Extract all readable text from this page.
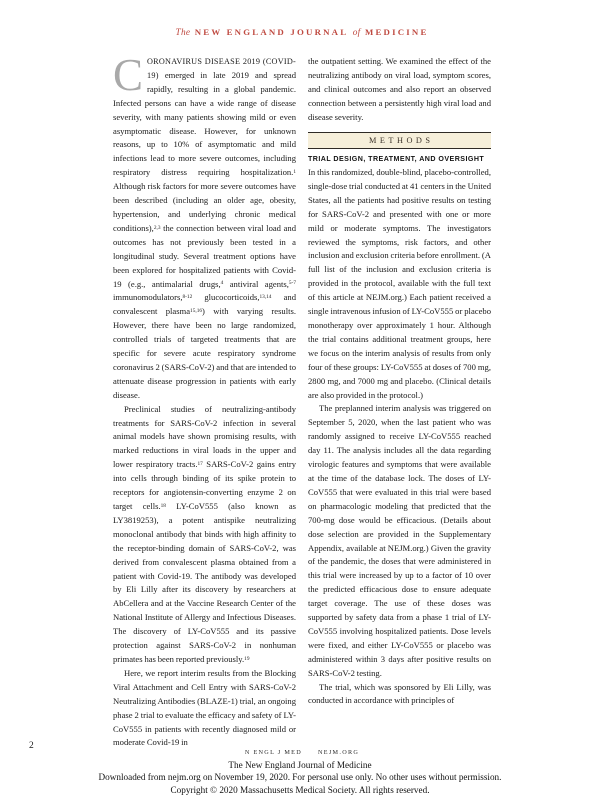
The NEW ENGLAND JOURNAL of MEDICINE

C ORONAVIRUS DISEASE 2019 (COVID-19) emerged in late 2019 and spread rapidly, resulting in a global pandemic. Infected persons can have a wide range of disease severity, with many patients showing mild or even asymptomatic disease. However, for unknown reasons, up to 10% of asymptomatic and mild infections lead to more severe outcomes, including respiratory distress requiring hospitalization.$^1$ Although risk factors for more severe outcomes have been described (including an older age, obesity, hypertension, and underlying chronic medical conditions),$^{2,3}$ the connection between viral load and outcomes has not previously been tested in a longitudinal study. Several treatment options have been explored for hospitalized patients with Covid-19 (e.g., antimalarial drugs,$^4$ antiviral agents,$^{5-7}$ immunomodulators,$^{8-12}$ glucocorticoids,$^{13,14}$ and convalescent plasma$^{15,16}$) with varying results. However, there have been no large randomized, controlled trials of targeted treatments that are specific for severe acute respiratory syndrome coronavirus 2 (SARS-CoV-2) and that are intended to attenuate disease progression in patients with early disease.

Preclinical studies of neutralizing-antibody treatments for SARS-CoV-2 infection in several animal models have shown promising results, with marked reductions in viral loads in the upper and lower respiratory tracts.$^{17}$ SARS-CoV-2 gains entry into cells through binding of its spike protein to receptors for angiotensin-converting enzyme 2 on target cells.$^{18}$ LY-CoV555 (also known as LY3819253), a potent antispike neutralizing monoclonal antibody that binds with high affinity to the receptor-binding domain of SARS-CoV-2, was derived from convalescent plasma obtained from a patient with Covid-19. The antibody was developed by Eli Lilly after its discovery by researchers at AbCellera and at the Vaccine Research Center of the National Institute of Allergy and Infectious Diseases. The discovery of LY-CoV555 and its passive protection against SARS-CoV-2 in nonhuman primates has been reported previously.$^{19}$

Here, we report interim results from the Blocking Viral Attachment and Cell Entry with SARS-CoV-2 Neutralizing Antibodies (BLAZE-1) trial, an ongoing phase 2 trial to evaluate the efficacy and safety of LY-CoV555 in patients with recently diagnosed mild or moderate Covid-19 in

the outpatient setting. We examined the effect of the neutralizing antibody on viral load, symptom scores, and clinical outcomes and also report an observed connection between a persistently high viral load and disease severity.

METHODS
TRIAL DESIGN, TREATMENT, AND OVERSIGHT

In this randomized, double-blind, placebo-controlled, single-dose trial conducted at 41 centers in the United States, all the patients had positive results on testing for SARS-CoV-2 and presented with one or more mild or moderate symptoms. The investigators reviewed the symptoms, risk factors, and other inclusion and exclusion criteria before enrollment. (A full list of the inclusion and exclusion criteria is provided in the protocol, available with the full text of this article at NEJM.org.) Each patient received a single intravenous infusion of LY-CoV555 or placebo monotherapy over approximately 1 hour. Although the trial contains additional treatment groups, here we focus on the interim analysis of results from only four of these groups: LY-CoV555 at doses of 700 mg, 2800 mg, and 7000 mg and placebo. (Clinical details are also provided in the protocol.)

The preplanned interim analysis was triggered on September 5, 2020, when the last patient who was randomly assigned to receive LY-CoV555 reached day 11. The analysis includes all the data regarding virologic features and symptoms that were available at the time of the database lock. The doses of LY-CoV555 that were evaluated in this trial were based on pharmacologic modeling that predicted that the 700-mg dose would be efficacious. (Details about dose selection are provided in the Supplementary Appendix, available at NEJM.org.) Given the gravity of the pandemic, the doses that were administered in this trial were increased by up to a factor of 10 over the predicted efficacious dose to ensure adequate target coverage. The use of these doses was supported by safety data from a phase 1 trial of LY-CoV555 involving hospitalized patients. Dose levels were fixed, and either LY-CoV555 or placebo was administered within 3 days after positive results on SARS-CoV-2 testing.

The trial, which was sponsored by Eli Lilly, was conducted in accordance with principles of

2
N ENGL J MED	NEJM.ORG
The New England Journal of Medicine
Downloaded from nejm.org on November 19, 2020. For personal use only. No other uses without permission.
Copyright © 2020 Massachusetts Medical Society. All rights reserved.
